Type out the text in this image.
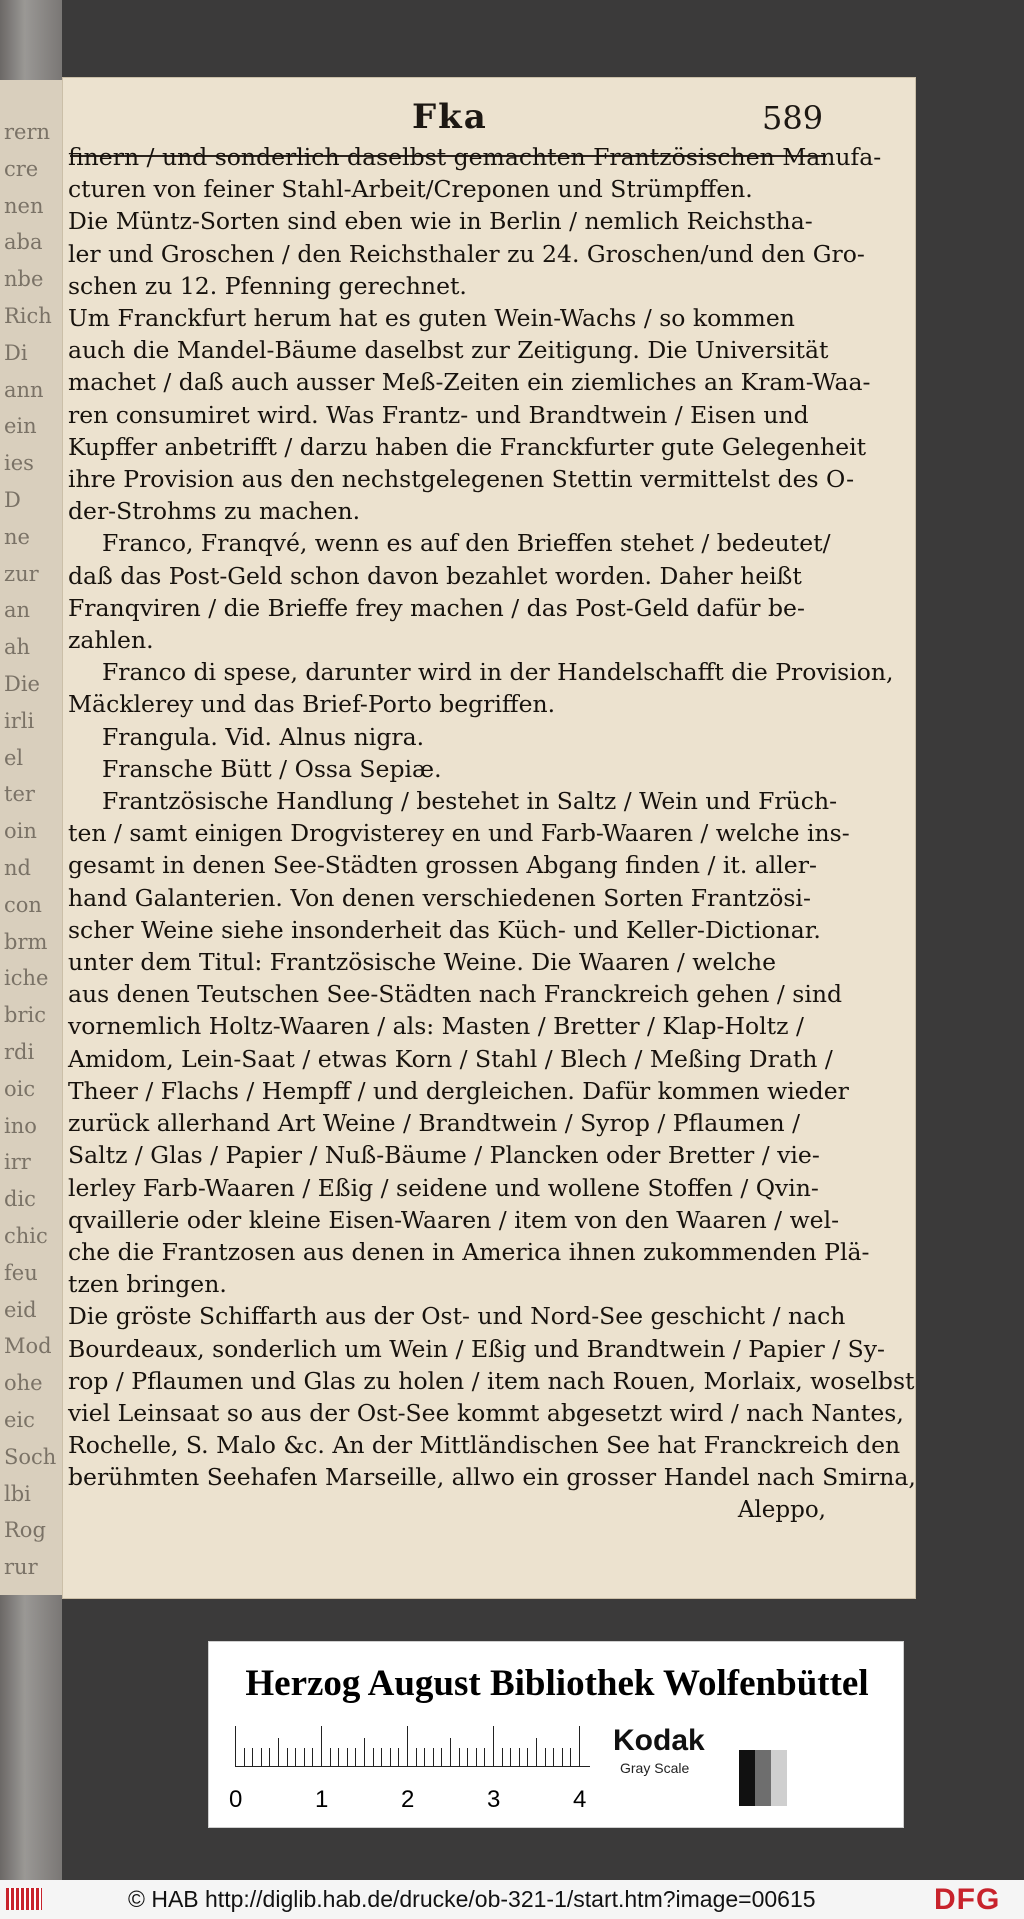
rern
cre
nen
aba
nbe
Rich
Di
ann
ein
ies
D
ne
zur
an
ah
Die
irli
el
ter
oin
nd
con
brm
iche
bric
rdi
oic
ino
irr
dic
chic
feu
eid
Mod
ohe
eic
Soch
lbi
Rog
rur
Fka	589

finern / und sonderlich daselbst gemachten Frantzösischen Manufa-

cturen von feiner Stahl-Arbeit/Creponen und Strümpffen.

Die Müntz-Sorten sind eben wie in Berlin / nemlich Reichstha-

ler und Groschen / den Reichsthaler zu 24. Groschen/und den Gro-

schen zu 12. Pfenning gerechnet.

Um Franckfurt herum hat es guten Wein-Wachs / so kommen

auch die Mandel-Bäume daselbst zur Zeitigung. Die Universität

machet / daß auch ausser Meß-Zeiten ein ziemliches an Kram-Waa-

ren consumiret wird. Was Frantz- und Brandtwein / Eisen und

Kupffer anbetrifft / darzu haben die Franckfurter gute Gelegenheit

ihre Provision aus den nechstgelegenen Stettin vermittelst des O-

der-Strohms zu machen.

Franco, Franqvé, wenn es auf den Brieffen stehet / bedeutet/

daß das Post-Geld schon davon bezahlet worden. Daher heißt

Franqviren / die Brieffe frey machen / das Post-Geld dafür be-

zahlen.

Franco di spese, darunter wird in der Handelschafft die Provision,

Mäcklerey und das Brief-Porto begriffen.

Frangula. Vid. Alnus nigra.

Fransche Bütt / Ossa Sepiæ.

Frantzösische Handlung / bestehet in Saltz / Wein und Früch-

ten / samt einigen Drogvisterey en und Farb-Waaren / welche ins-

gesamt in denen See-Städten grossen Abgang finden / it. aller-

hand Galanterien. Von denen verschiedenen Sorten Frantzösi-

scher Weine siehe insonderheit das Küch- und Keller-Dictionar.

unter dem Titul: Frantzösische Weine. Die Waaren / welche

aus denen Teutschen See-Städten nach Franckreich gehen / sind

vornemlich Holtz-Waaren / als: Masten / Bretter / Klap-Holtz /

Amidom, Lein-Saat / etwas Korn / Stahl / Blech / Meßing Drath /

Theer / Flachs / Hempff / und dergleichen. Dafür kommen wieder

zurück allerhand Art Weine / Brandtwein / Syrop / Pflaumen /

Saltz / Glas / Papier / Nuß-Bäume / Plancken oder Bretter / vie-

lerley Farb-Waaren / Eßig / seidene und wollene Stoffen / Qvin-

qvaillerie oder kleine Eisen-Waaren / item von den Waaren / wel-

che die Frantzosen aus denen in America ihnen zukommenden Plä-

tzen bringen.

Die gröste Schiffarth aus der Ost- und Nord-See geschicht / nach

Bourdeaux, sonderlich um Wein / Eßig und Brandtwein / Papier / Sy-

rop / Pflaumen und Glas zu holen / item nach Rouen, Morlaix, woselbst

viel Leinsaat so aus der Ost-See kommt abgesetzt wird / nach Nantes,

Rochelle, S. Malo &c. An der Mittländischen See hat Franckreich den

berühmten Seehafen Marseille, allwo ein grosser Handel nach Smirna,

Aleppo,

Herzog August Bibliothek Wolfenbüttel
0	1	2	3	4
Kodak
Gray Scale
© HAB http://diglib.hab.de/drucke/ob-321-1/start.htm?image=00615	DFG
